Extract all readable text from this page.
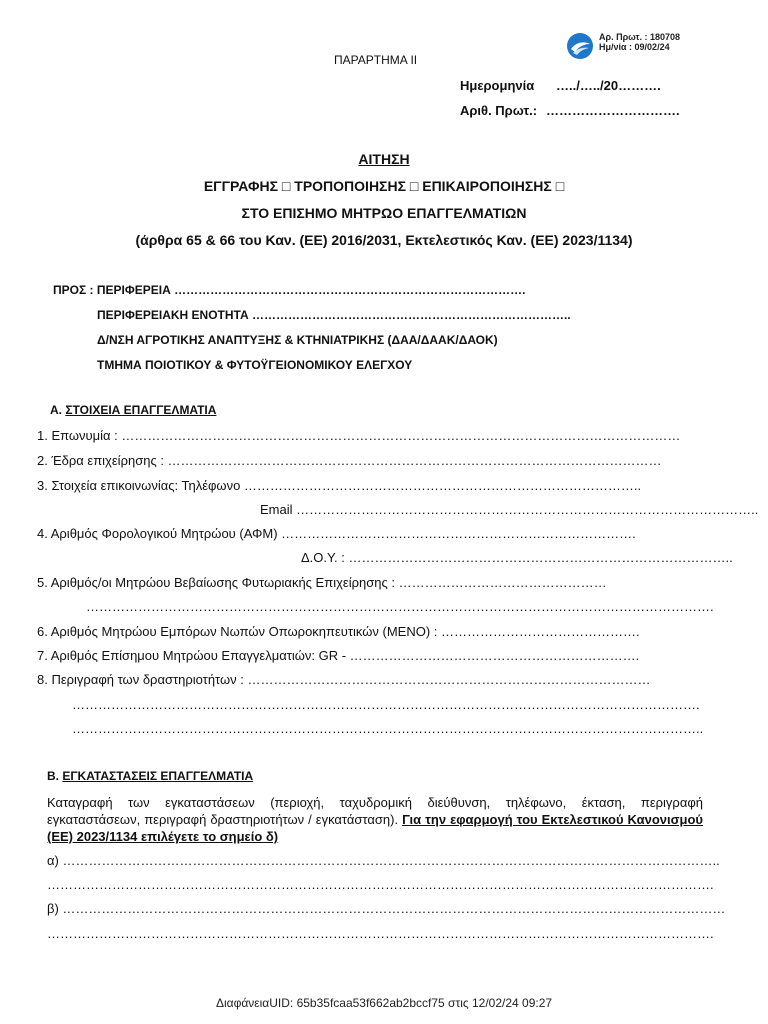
Αρ. Πρωτ. : 180708
Ημ/νία : 09/02/24
ΠΑΡΑΡΤΗΜΑ ΙΙ
Ημερομηνία …../…../20……….
Αριθ. Πρωτ.: ………………………….
ΑΙΤΗΣΗ
ΕΓΓΡΑΦΗΣ □ ΤΡΟΠΟΠΟΙΗΣΗΣ □ ΕΠΙΚΑΙΡΟΠΟΙΗΣΗΣ □
ΣΤΟ ΕΠΙΣΗΜΟ ΜΗΤΡΩΟ ΕΠΑΓΓΕΛΜΑΤΙΩΝ
(άρθρα 65 & 66 του Καν. (ΕΕ) 2016/2031, Εκτελεστικός Καν. (ΕΕ) 2023/1134)
ΠΡΟΣ : ΠΕΡΙΦΕΡΕΙΑ …………………………………………………………………………….
ΠΕΡΙΦΕΡΕΙΑΚΗ ΕΝΟΤΗΤΑ ……………………………………………………………………..
Δ/ΝΣΗ ΑΓΡΟΤΙΚΗΣ ΑΝΑΠΤΥΞΗΣ & ΚΤΗΝΙΑΤΡΙΚΗΣ (ΔΑΑ/ΔΑΑΚ/ΔΑΟΚ)
ΤΜΗΜΑ ΠΟΙΟΤΙΚΟΥ & ΦΥΤΟΫΓΕΙΟΝΟΜΙΚΟΥ ΕΛΕΓΧΟΥ
Α. ΣΤΟΙΧΕΙΑ ΕΠΑΓΓΕΛΜΑΤΙΑ
1. Επωνυμία : …………………………………………………………………………………………………………………
2. Έδρα επιχείρησης : ……………………………………………………………………………………………………
3. Στοιχεία επικοινωνίας: Τηλέφωνο ………………………………………………………………………………..
Email ……………………………………………………………………………………………..
4. Αριθμός Φορολογικού Μητρώου (ΑΦΜ) ……………………………………………………………………….
Δ.Ο.Υ. : ……………………………………………………………………………..
5. Αριθμός/οι Μητρώου Βεβαίωσης Φυτωριακής Επιχείρησης : …………………………………………
……………………………………………………………………………………………………………………………….
6. Αριθμός Μητρώου Εμπόρων Νωπών Οπωροκηπευτικών (ΜΕΝΟ) : ……………………………………….
7. Αριθμός Επίσημου Μητρώου Επαγγελματιών: GR - ………………………………………………………….
8. Περιγραφή των δραστηριοτήτων : …………………………………………………………………………………
……………………………………………………………………………………………………………………………….
………………………………………………………………………………………………………………………………..
Β. ΕΓΚΑΤΑΣΤΑΣΕΙΣ ΕΠΑΓΓΕΛΜΑΤΙΑ
Καταγραφή των εγκαταστάσεων (περιοχή, ταχυδρομική διεύθυνση, τηλέφωνο, έκταση, περιγραφή εγκαταστάσεων, περιγραφή δραστηριοτήτων / εγκατάσταση). Για την εφαρμογή του Εκτελεστικού Κανονισμού (ΕΕ) 2023/1134 επιλέγετε το σημείο δ)
α) ……………………………………………………………………………………………………………………………………..
……………………………………………………………………………………………………………………………………….
β) ………………………………………………………………………………………………………………………………………
……………………………………………………………………………………………………………………………………….
ΔιαφάνειαUID: 65b35fcaa53f662ab2bccf75 στις 12/02/24 09:27
